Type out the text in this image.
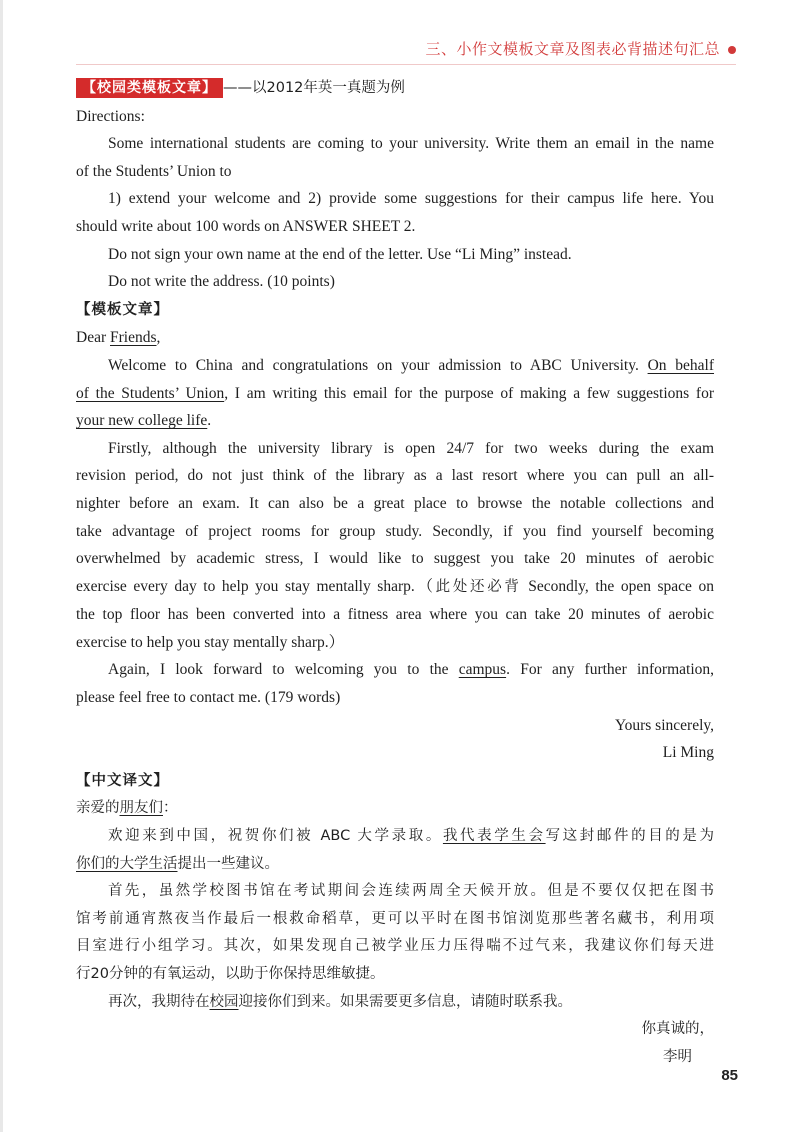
三、小作文模板文章及图表必背描述句汇总

【校园类模板文章】 ——以2012年英一真题为例

Directions:

Some international students are coming to your university. Write them an email in the name

of the Students’ Union to

1) extend your welcome and 2) provide some suggestions for their campus life here. You

should write about 100 words on ANSWER SHEET 2.

Do not sign your own name at the end of the letter. Use “Li Ming” instead.

Do not write the address. (10 points)

【模板文章】

Dear Friends,

Welcome to China and congratulations on your admission to ABC University. On behalf

of the Students’ Union, I am writing this email for the purpose of making a few suggestions for

your new college life.

Firstly, although the university library is open 24/7 for two weeks during the exam

revision period, do not just think of the library as a last resort where you can pull an all-

nighter before an exam. It can also be a great place to browse the notable collections and

take advantage of project rooms for group study. Secondly, if you find yourself becoming

overwhelmed by academic stress, I would like to suggest you take 20 minutes of aerobic

exercise every day to help you stay mentally sharp.（此处还必背 Secondly, the open space on

the top floor has been converted into a fitness area where you can take 20 minutes of aerobic

exercise to help you stay mentally sharp.）

Again, I look forward to welcoming you to the campus. For any further information,

please feel free to contact me. (179 words)

Yours sincerely,

Li Ming

【中文译文】

亲爱的朋友们：

欢迎来到中国，祝贺你们被 ABC 大学录取。我代表学生会写这封邮件的目的是为

你们的大学生活提出一些建议。

首先，虽然学校图书馆在考试期间会连续两周全天候开放。但是不要仅仅把在图书

馆考前通宵熬夜当作最后一根救命稻草，更可以平时在图书馆浏览那些著名藏书，利用项

目室进行小组学习。其次，如果发现自己被学业压力压得喘不过气来，我建议你们每天进

行20分钟的有氧运动，以助于你保持思维敏捷。

再次，我期待在校园迎接你们到来。如果需要更多信息，请随时联系我。

你真诚的，

李明

85
